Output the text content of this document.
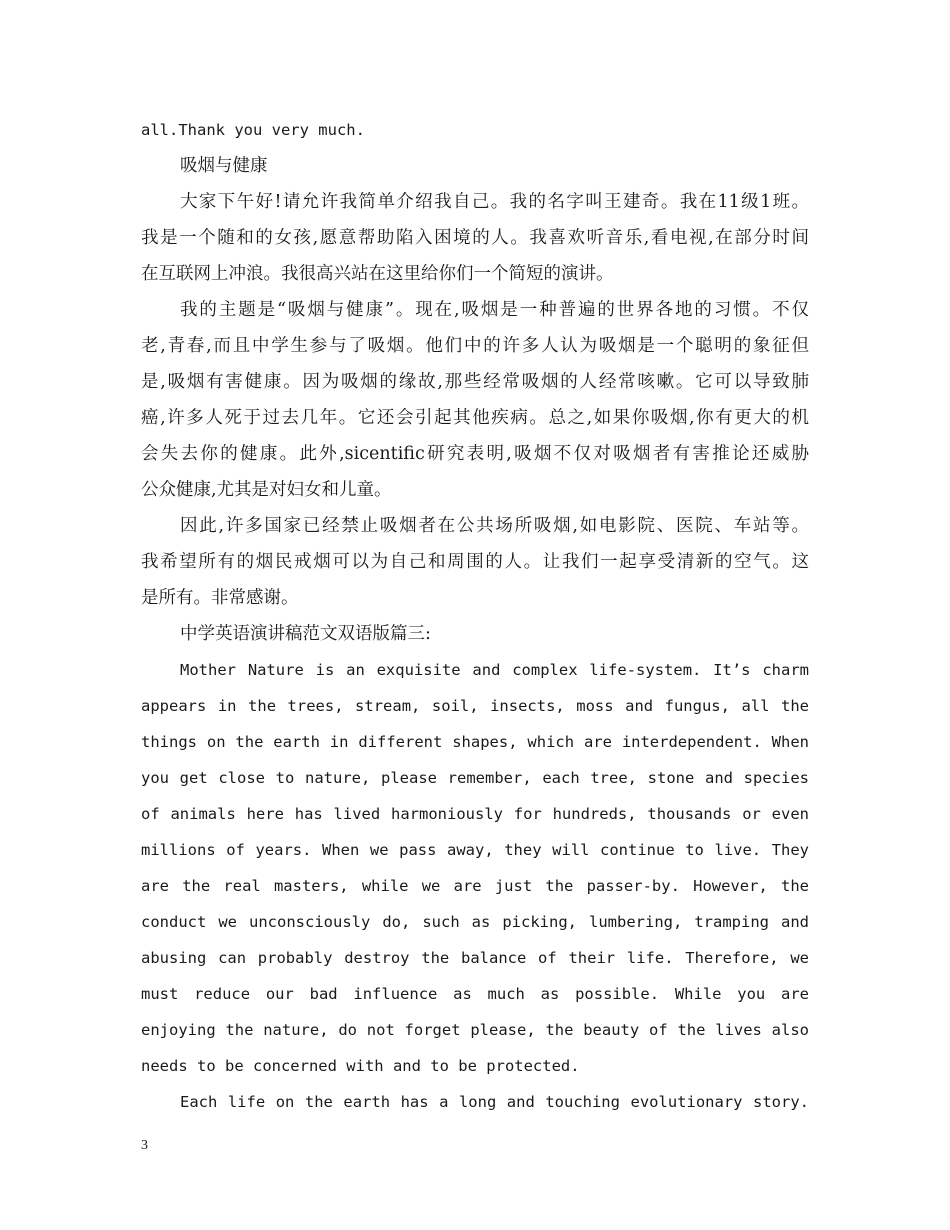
all.Thank you very much.
吸烟与健康
大家下午好!请允许我简单介绍我自己。我的名字叫王建奇。我在11级1班。
我是一个随和的女孩,愿意帮助陷入困境的人。我喜欢听音乐,看电视,在部分时间
在互联网上冲浪。我很高兴站在这里给你们一个简短的演讲。
我的主题是“吸烟与健康”。现在,吸烟是一种普遍的世界各地的习惯。不仅
老,青春,而且中学生参与了吸烟。他们中的许多人认为吸烟是一个聪明的象征但
是,吸烟有害健康。因为吸烟的缘故,那些经常吸烟的人经常咳嗽。它可以导致肺
癌,许多人死于过去几年。它还会引起其他疾病。总之,如果你吸烟,你有更大的机
会失去你的健康。此外,sicentific研究表明,吸烟不仅对吸烟者有害推论还威胁
公众健康,尤其是对妇女和儿童。
因此,许多国家已经禁止吸烟者在公共场所吸烟,如电影院、医院、车站等。
我希望所有的烟民戒烟可以为自己和周围的人。让我们一起享受清新的空气。这
是所有。非常感谢。
中学英语演讲稿范文双语版篇三:
Mother Nature is an exquisite and complex life-system. It’s charm
appears in the trees, stream, soil, insects, moss and fungus, all the
things on the earth in different shapes, which are interdependent. When
you get close to nature, please remember, each tree, stone and species
of animals here has lived harmoniously for hundreds, thousands or even
millions of years. When we pass away, they will continue to live. They
are the real masters, while we are just the passer-by. However, the
conduct we unconsciously do, such as picking, lumbering, tramping and
abusing can probably destroy the balance of their life. Therefore, we
must reduce our bad influence as much as possible. While you are
enjoying the nature, do not forget please, the beauty of the lives also
needs to be concerned with and to be protected.
Each life on the earth has a long and touching evolutionary story.
3
